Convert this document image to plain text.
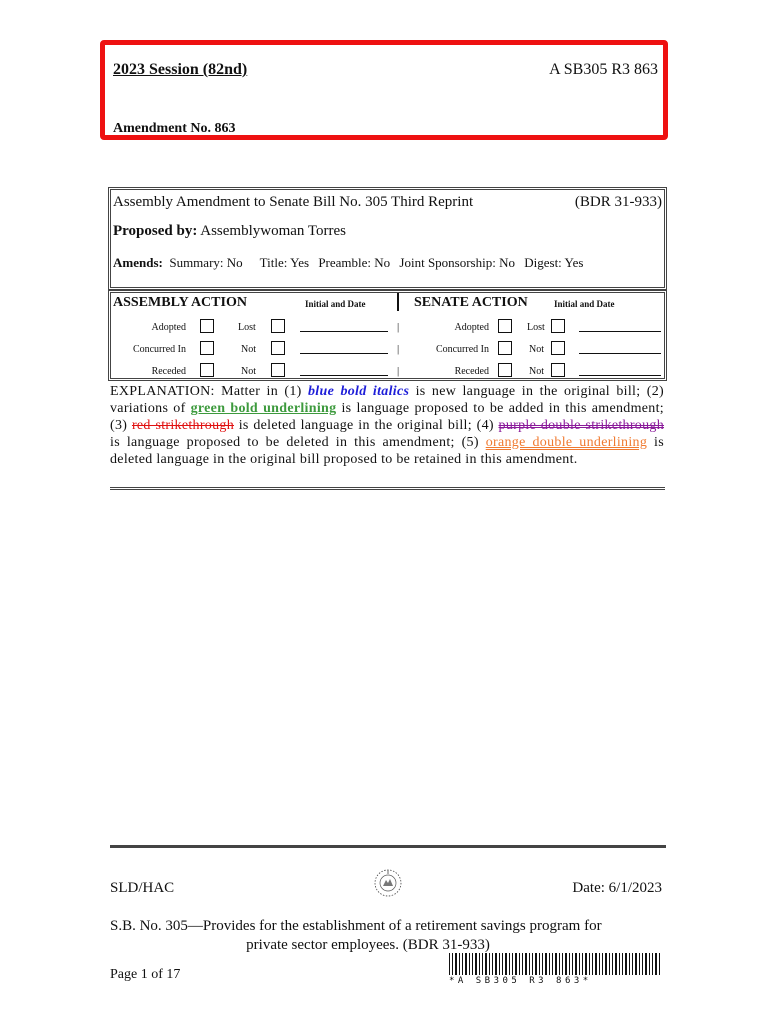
2023 Session (82nd)	A SB305 R3 863
Amendment No. 863
Assembly Amendment to Senate Bill No. 305 Third Reprint	(BDR 31-933)
Proposed by: Assemblywoman Torres
Amends: Summary: No Title: Yes Preamble: No Joint Sponsorship: No Digest: Yes
ASSEMBLY ACTION	Initial and Date	SENATE ACTION	Initial and Date
Adopted	Lost	|	Adopted	Lost
Concurred In	Not	|	Concurred In	Not
Receded	Not	|	Receded	Not
EXPLANATION: Matter in (1) blue bold italics is new language in the original bill; (2) variations of green bold underlining is language proposed to be added in this amendment; (3) red strikethrough is deleted language in the original bill; (4) purple double strikethrough is language proposed to be deleted in this amendment; (5) orange double underlining is deleted language in the original bill proposed to be retained in this amendment.
SLD/HAC	Date: 6/1/2023
S.B. No. 305—Provides for the establishment of a retirement savings program for
private sector employees. (BDR 31-933)
Page 1 of 17	*A SB305 R3 863*
